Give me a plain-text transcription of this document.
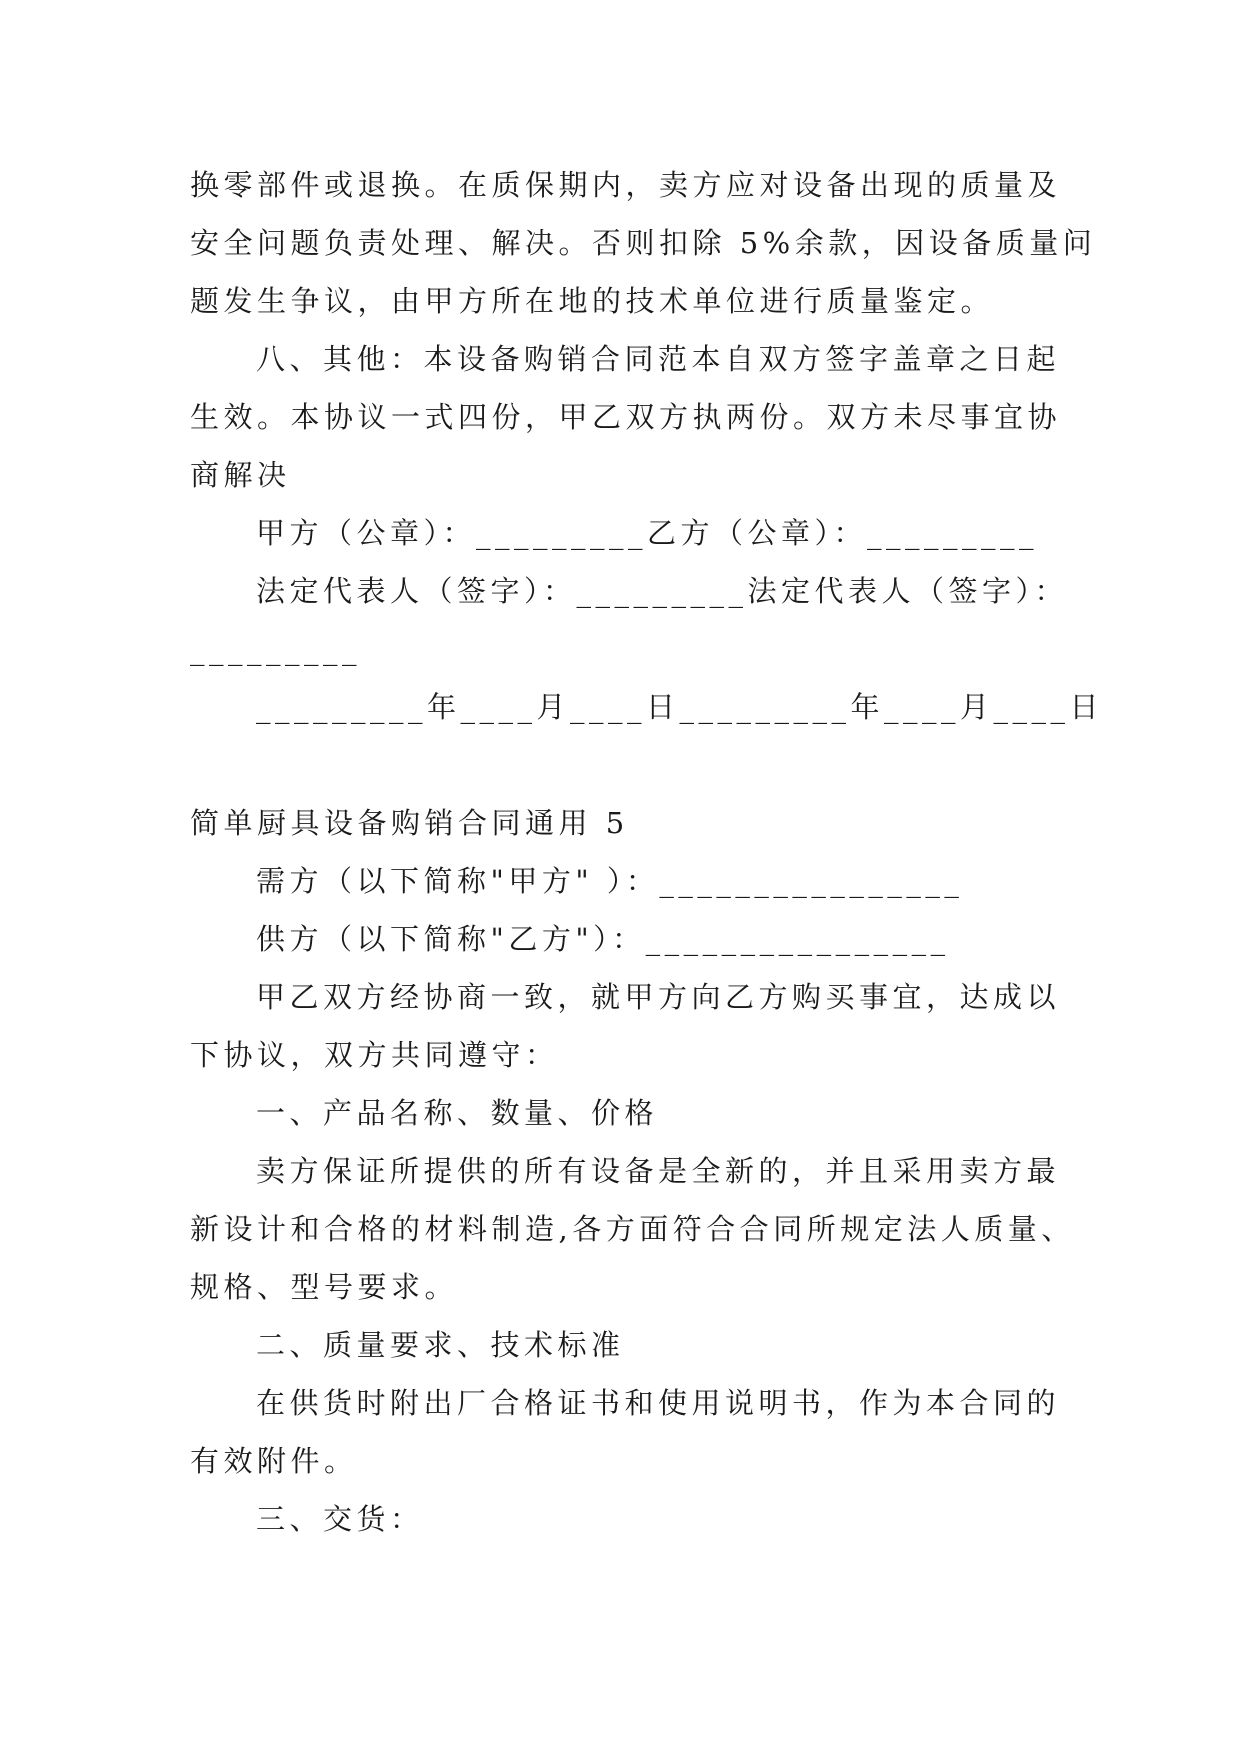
换零部件或退换。在质保期内，卖方应对设备出现的质量及
安全问题负责处理、解决。否则扣除 5%余款，因设备质量问
题发生争议，由甲方所在地的技术单位进行质量鉴定。
八、其他：本设备购销合同范本自双方签字盖章之日起
生效。本协议一式四份，甲乙双方执两份。双方未尽事宜协
商解决
甲方（公章）：_________乙方（公章）：_________
法定代表人（签字）：_________法定代表人（签字）：
_________
_________年____月____日_________年____月____日
简单厨具设备购销合同通用 5
需方（以下简称"甲方" ）：________________
供方（以下简称"乙方"）：________________
甲乙双方经协商一致，就甲方向乙方购买事宜，达成以
下协议，双方共同遵守：
一、产品名称、数量、价格
卖方保证所提供的所有设备是全新的，并且采用卖方最
新设计和合格的材料制造,各方面符合合同所规定法人质量、
规格、型号要求。
二、质量要求、技术标准
在供货时附出厂合格证书和使用说明书，作为本合同的
有效附件。
三、交货：
